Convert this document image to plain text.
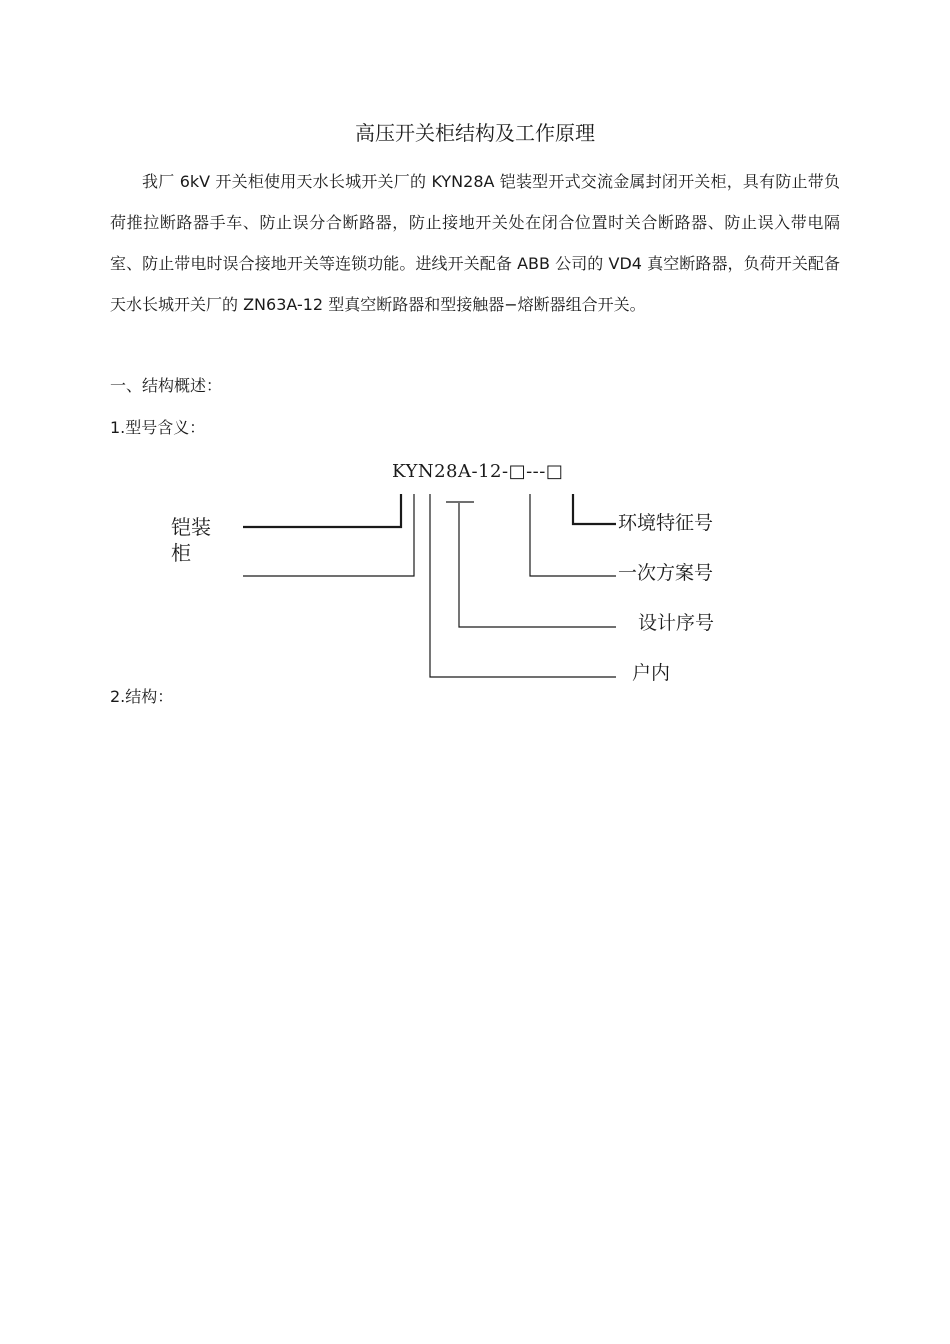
高压开关柜结构及工作原理

我厂 6kV 开关柜使用天水长城开关厂的 KYN28A 铠装型开式交流金属封闭开关柜，具有防止带负荷推拉断路器手车、防止误分合断路器，防止接地开关处在闭合位置时关合断路器、防止误入带电隔室、防止带电时误合接地开关等连锁功能。进线开关配备 ABB 公司的 VD4 真空断路器，负荷开关配备天水长城开关厂的 ZN63A-12 型真空断路器和型接触器−熔断器组合开关。

一、结构概述：

1.型号含义：

KYN28A-12-□---□
铠装柜
环境特征号
一次方案号
设计序号
户内

2.结构：
